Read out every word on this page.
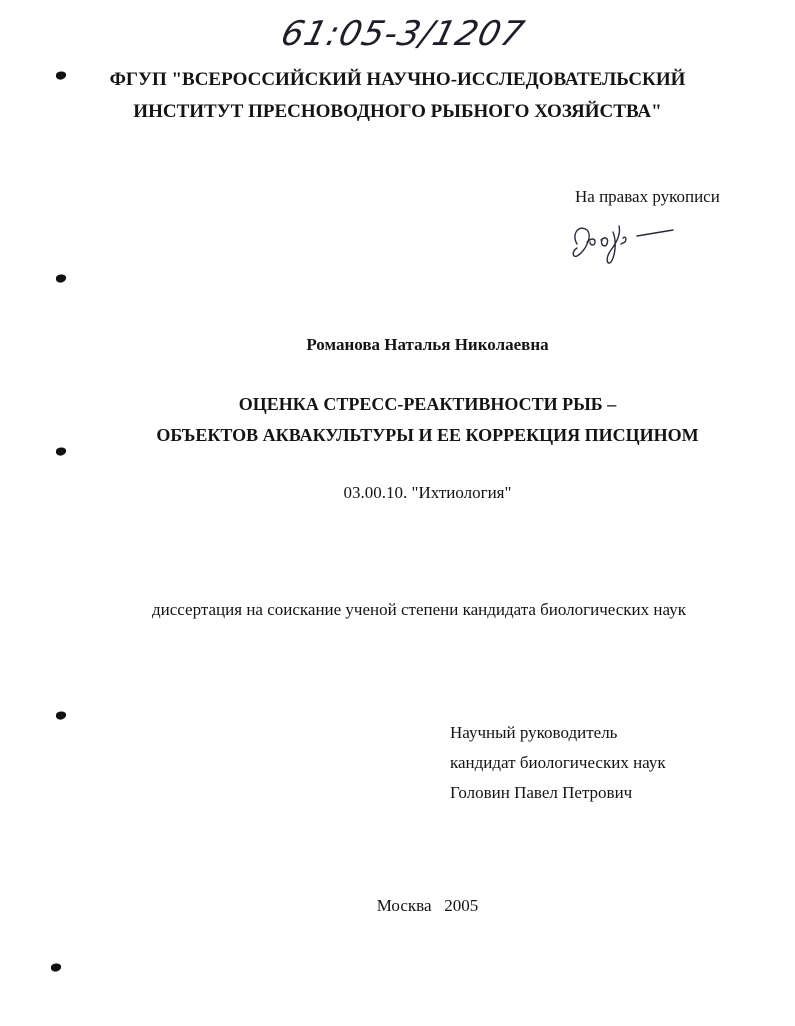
61:05-3/1207
ФГУП "ВСЕРОССИЙСКИЙ НАУЧНО-ИССЛЕДОВАТЕЛЬСКИЙ
ИНСТИТУТ ПРЕСНОВОДНОГО РЫБНОГО ХОЗЯЙСТВА"
На правах рукописи
Романова Наталья Николаевна
ОЦЕНКА СТРЕСС-РЕАКТИВНОСТИ РЫБ –
ОБЪЕКТОВ АКВАКУЛЬТУРЫ И ЕЕ КОРРЕКЦИЯ ПИСЦИНОМ
03.00.10. "Ихтиология"
диссертация на соискание ученой степени кандидата биологических наук
Научный руководитель
кандидат биологических наук
Головин Павел Петрович
Москва   2005
